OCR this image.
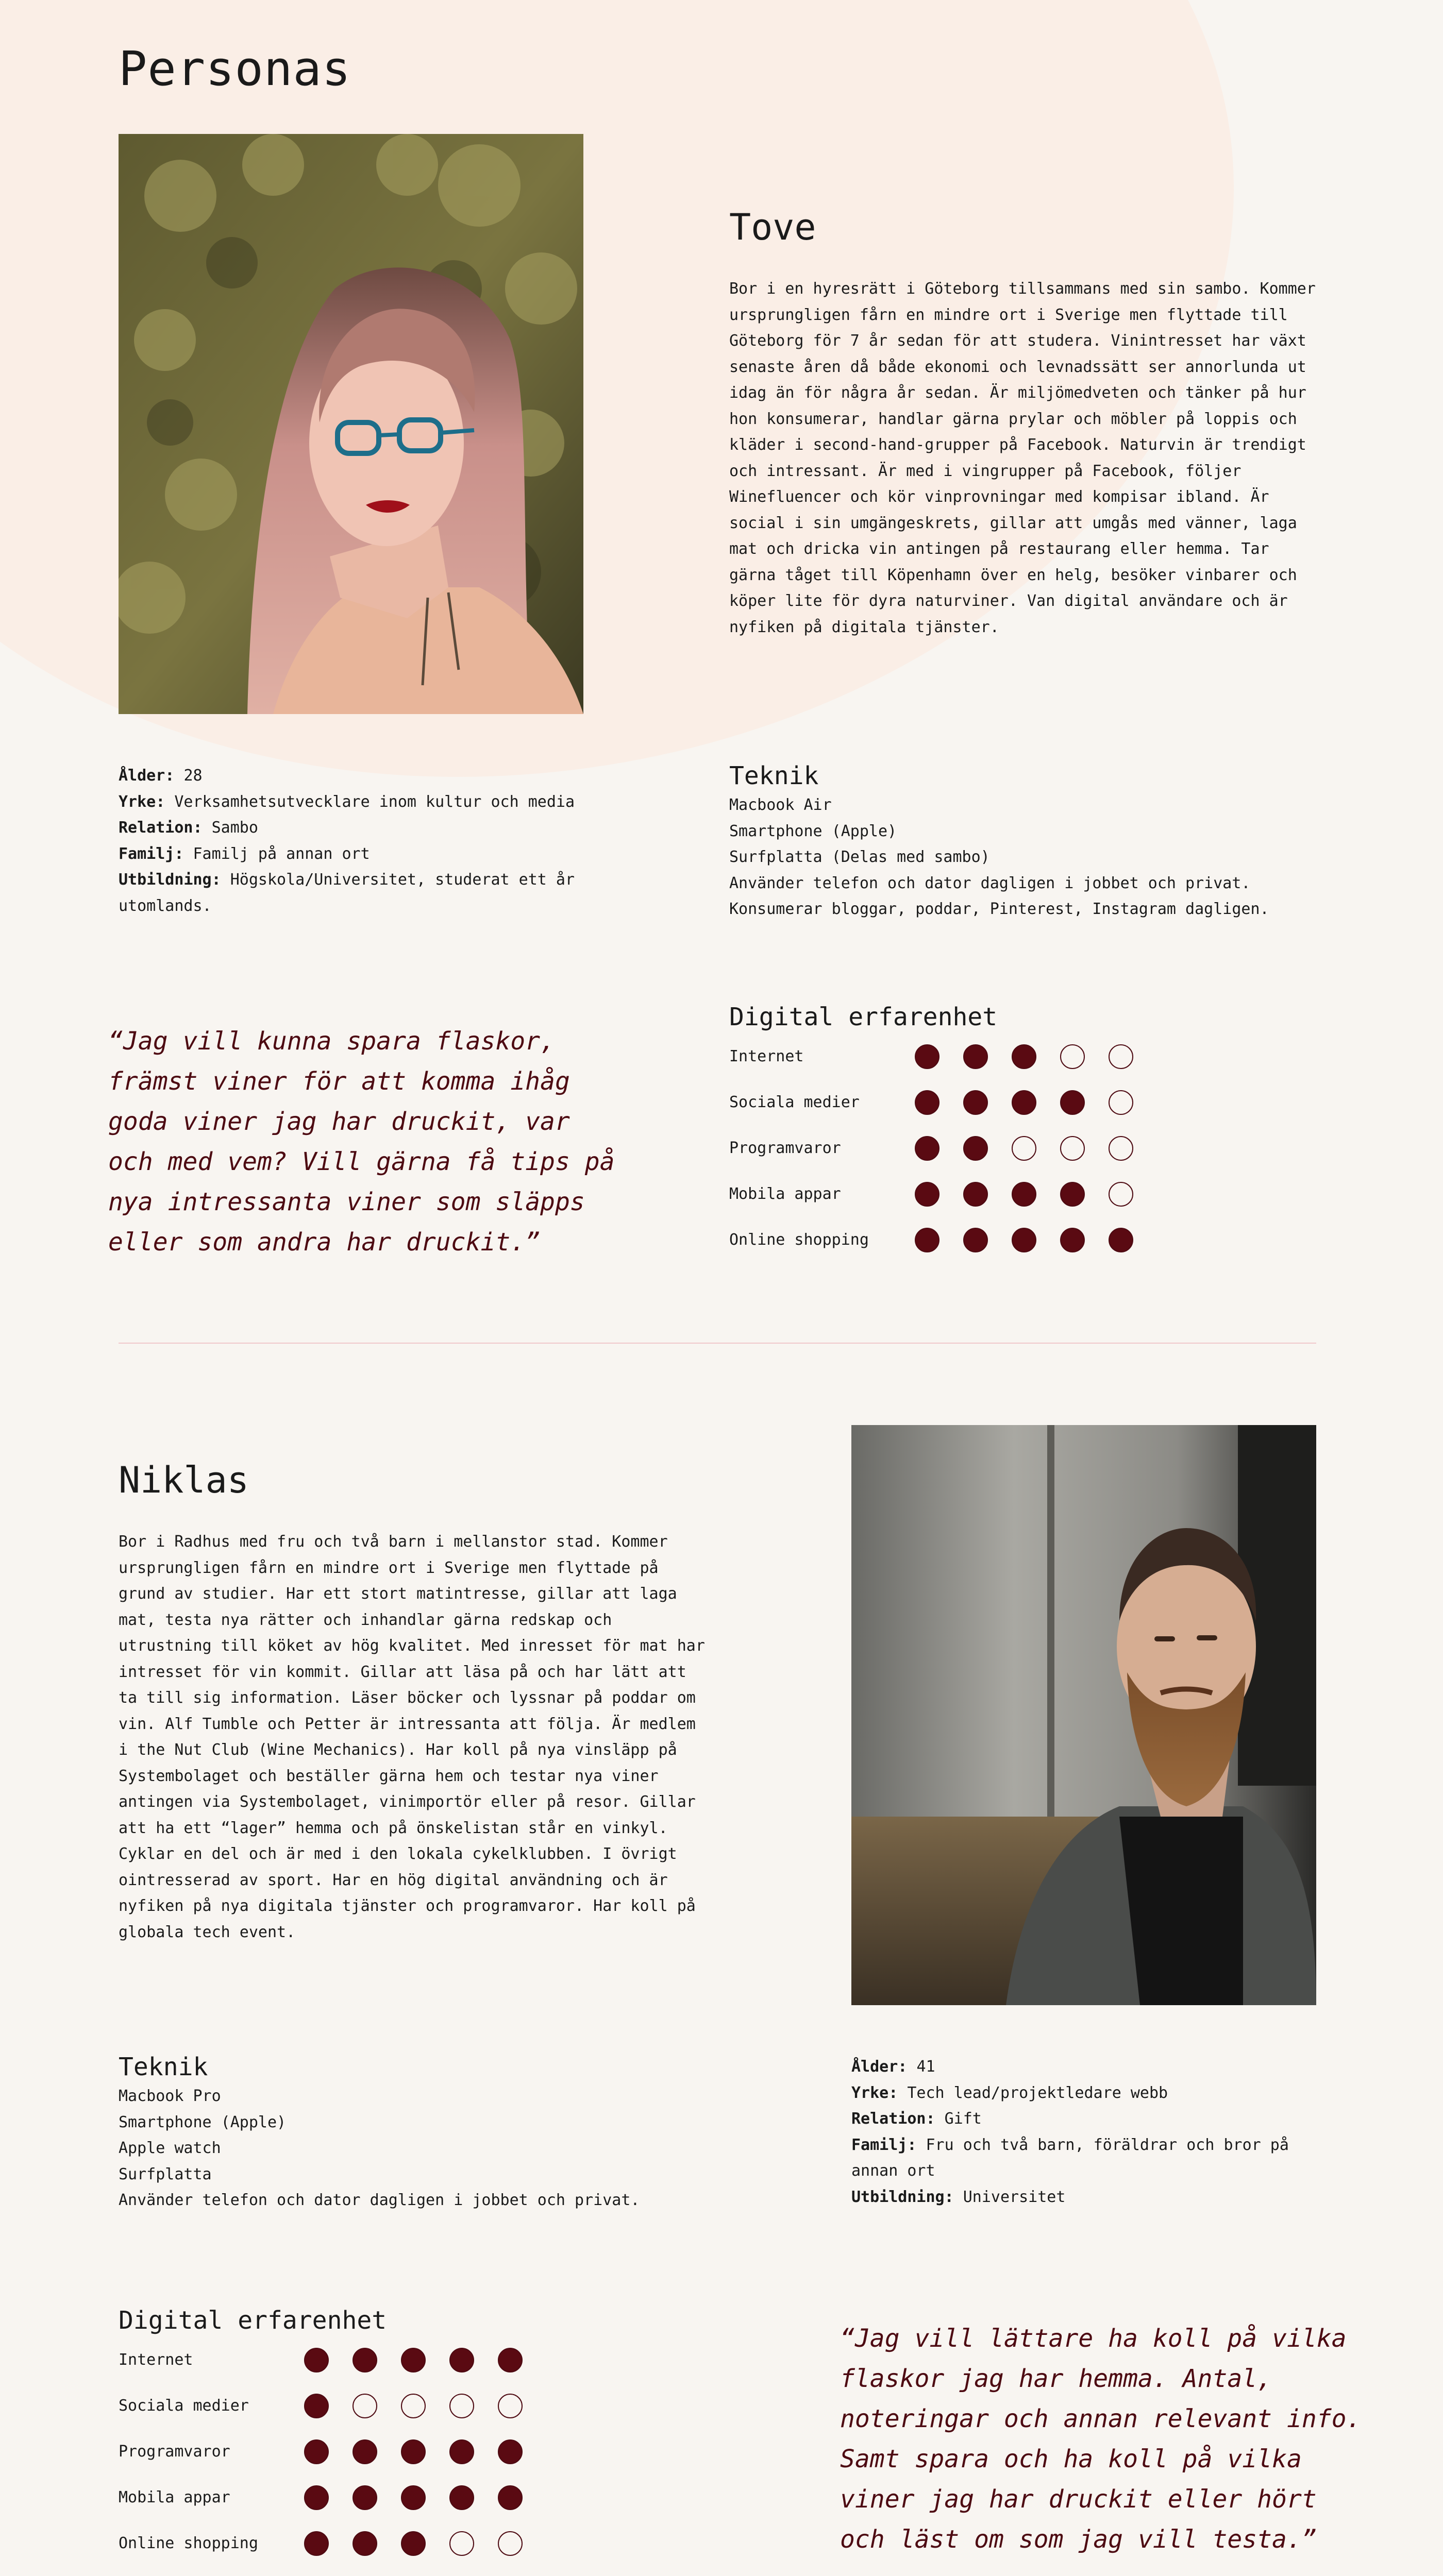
Personas
Tove

Bor i en hyresrätt i Göteborg tillsammans med sin sambo. Kommer
ursprungligen fårn en mindre ort i Sverige men flyttade till
Göteborg för 7 år sedan för att studera. Vinintresset har växt
senaste åren då både ekonomi och levnadssätt ser annorlunda ut
idag än för några år sedan. Är miljömedveten och tänker på hur
hon konsumerar, handlar gärna prylar och möbler på loppis och
kläder i second-hand-grupper på Facebook. Naturvin är trendigt
och intressant. Är med i vingrupper på Facebook, följer
Winefluencer och kör vinprovningar med kompisar ibland. Är
social i sin umgängeskrets, gillar att umgås med vänner, laga
mat och dricka vin antingen på restaurang eller hemma. Tar
gärna tåget till Köpenhamn över en helg, besöker vinbarer och
köper lite för dyra naturviner. Van digital användare och är
nyfiken på digitala tjänster.

Ålder: 28

Yrke: Verksamhetsutvecklare inom kultur och media

Relation: Sambo

Familj: Familj på annan ort

Utbildning: Högskola/Universitet, studerat ett år
utomlands.

Teknik

Macbook Air

Smartphone (Apple)

Surfplatta (Delas med sambo)

Använder telefon och dator dagligen i jobbet och privat.

Konsumerar bloggar, poddar, Pinterest, Instagram dagligen.

“Jag vill kunna spara flaskor,
främst viner för att komma ihåg
goda viner jag har druckit, var
och med vem? Vill gärna få tips på
nya intressanta viner som släpps
eller som andra har druckit.”

Digital erfarenhet
Internet
Sociala medier
Programvaror
Mobila appar
Online shopping
Niklas

Bor i Radhus med fru och två barn i mellanstor stad. Kommer
ursprungligen fårn en mindre ort i Sverige men flyttade på
grund av studier. Har ett stort matintresse, gillar att laga
mat, testa nya rätter och inhandlar gärna redskap och
utrustning till köket av hög kvalitet. Med inresset för mat har
intresset för vin kommit. Gillar att läsa på och har lätt att
ta till sig information. Läser böcker och lyssnar på poddar om
vin. Alf Tumble och Petter är intressanta att följa. Är medlem
i the Nut Club (Wine Mechanics). Har koll på nya vinsläpp på
Systembolaget och beställer gärna hem och testar nya viner
antingen via Systembolaget, vinimportör eller på resor. Gillar
att ha ett “lager” hemma och på önskelistan står en vinkyl.
Cyklar en del och är med i den lokala cykelklubben. I övrigt
ointresserad av sport. Har en hög digital användning och är
nyfiken på nya digitala tjänster och programvaror. Har koll på
globala tech event.

Teknik

Macbook Pro

Smartphone (Apple)

Apple watch

Surfplatta

Använder telefon och dator dagligen i jobbet och privat.

Ålder: 41

Yrke: Tech lead/projektledare webb

Relation: Gift

Familj: Fru och två barn, föräldrar och bror på
annan ort

Utbildning: Universitet

Digital erfarenhet
Internet
Sociala medier
Programvaror
Mobila appar
Online shopping

“Jag vill lättare ha koll på vilka
flaskor jag har hemma. Antal,
noteringar och annan relevant info.
Samt spara och ha koll på vilka
viner jag har druckit eller hört
och läst om som jag vill testa.”
